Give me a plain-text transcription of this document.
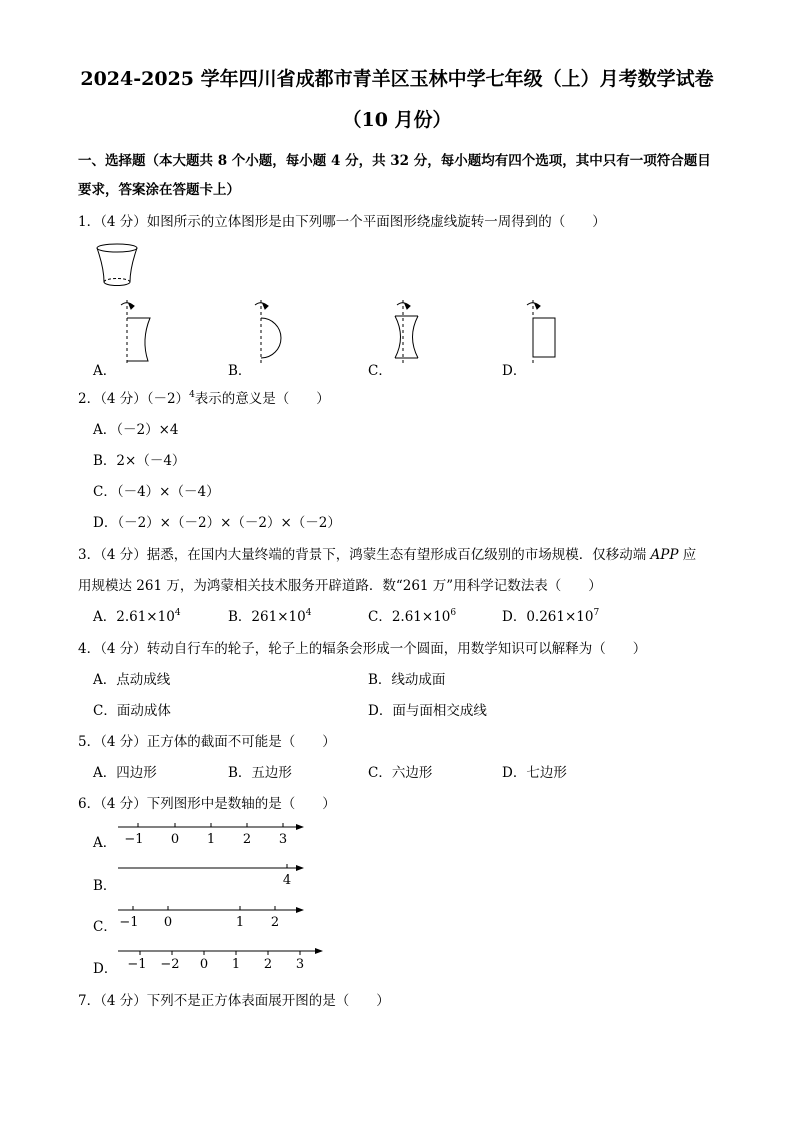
2024-2025 学年四川省成都市青羊区玉林中学七年级（上）月考数学试卷
（10 月份）
一、选择题（本大题共 8 个小题，每小题 4 分，共 32 分，每小题均有四个选项，其中只有一项符合题目
要求，答案涂在答题卡上）
1．（4 分）如图所示的立体图形是由下列哪一个平面图形绕虚线旋转一周得到的（　　）
A．	B．	C．	D．
2．（4 分）$(-2)^4$表示的意义是（　　）
A．（－2）×4
B．2×（－4）
C．（－4）×（－4）
D．（－2）×（－2）×（－2）×（－2）
3．（4 分）据悉，在国内大量终端的背景下，鸿蒙生态有望形成百亿级别的市场规模．仅移动端 APP 应
用规模达 261 万，为鸿蒙相关技术服务开辟道路．数“261 万”用科学记数法表（　　）
A．$2.61\times 10^4$	B．$261\times 10^4$	C．$2.61\times 10^6$	D．$0.261\times 10^7$
4．（4 分）转动自行车的轮子，轮子上的辐条会形成一个圆面，用数学知识可以解释为（　　）
A．点动成线	B．线动成面
C．面动成体	D．面与面相交成线
5．（4 分）正方体的截面不可能是（　　）
A．四边形	B．五边形	C．六边形	D．七边形
6．（4 分）下列图形中是数轴的是（　　）
A．
B．
C．
D．
−1 0 1 2 3
4
−1 0	1 2
−1 −2 0 1 2 3
7．（4 分）下列不是正方体表面展开图的是（　　）
